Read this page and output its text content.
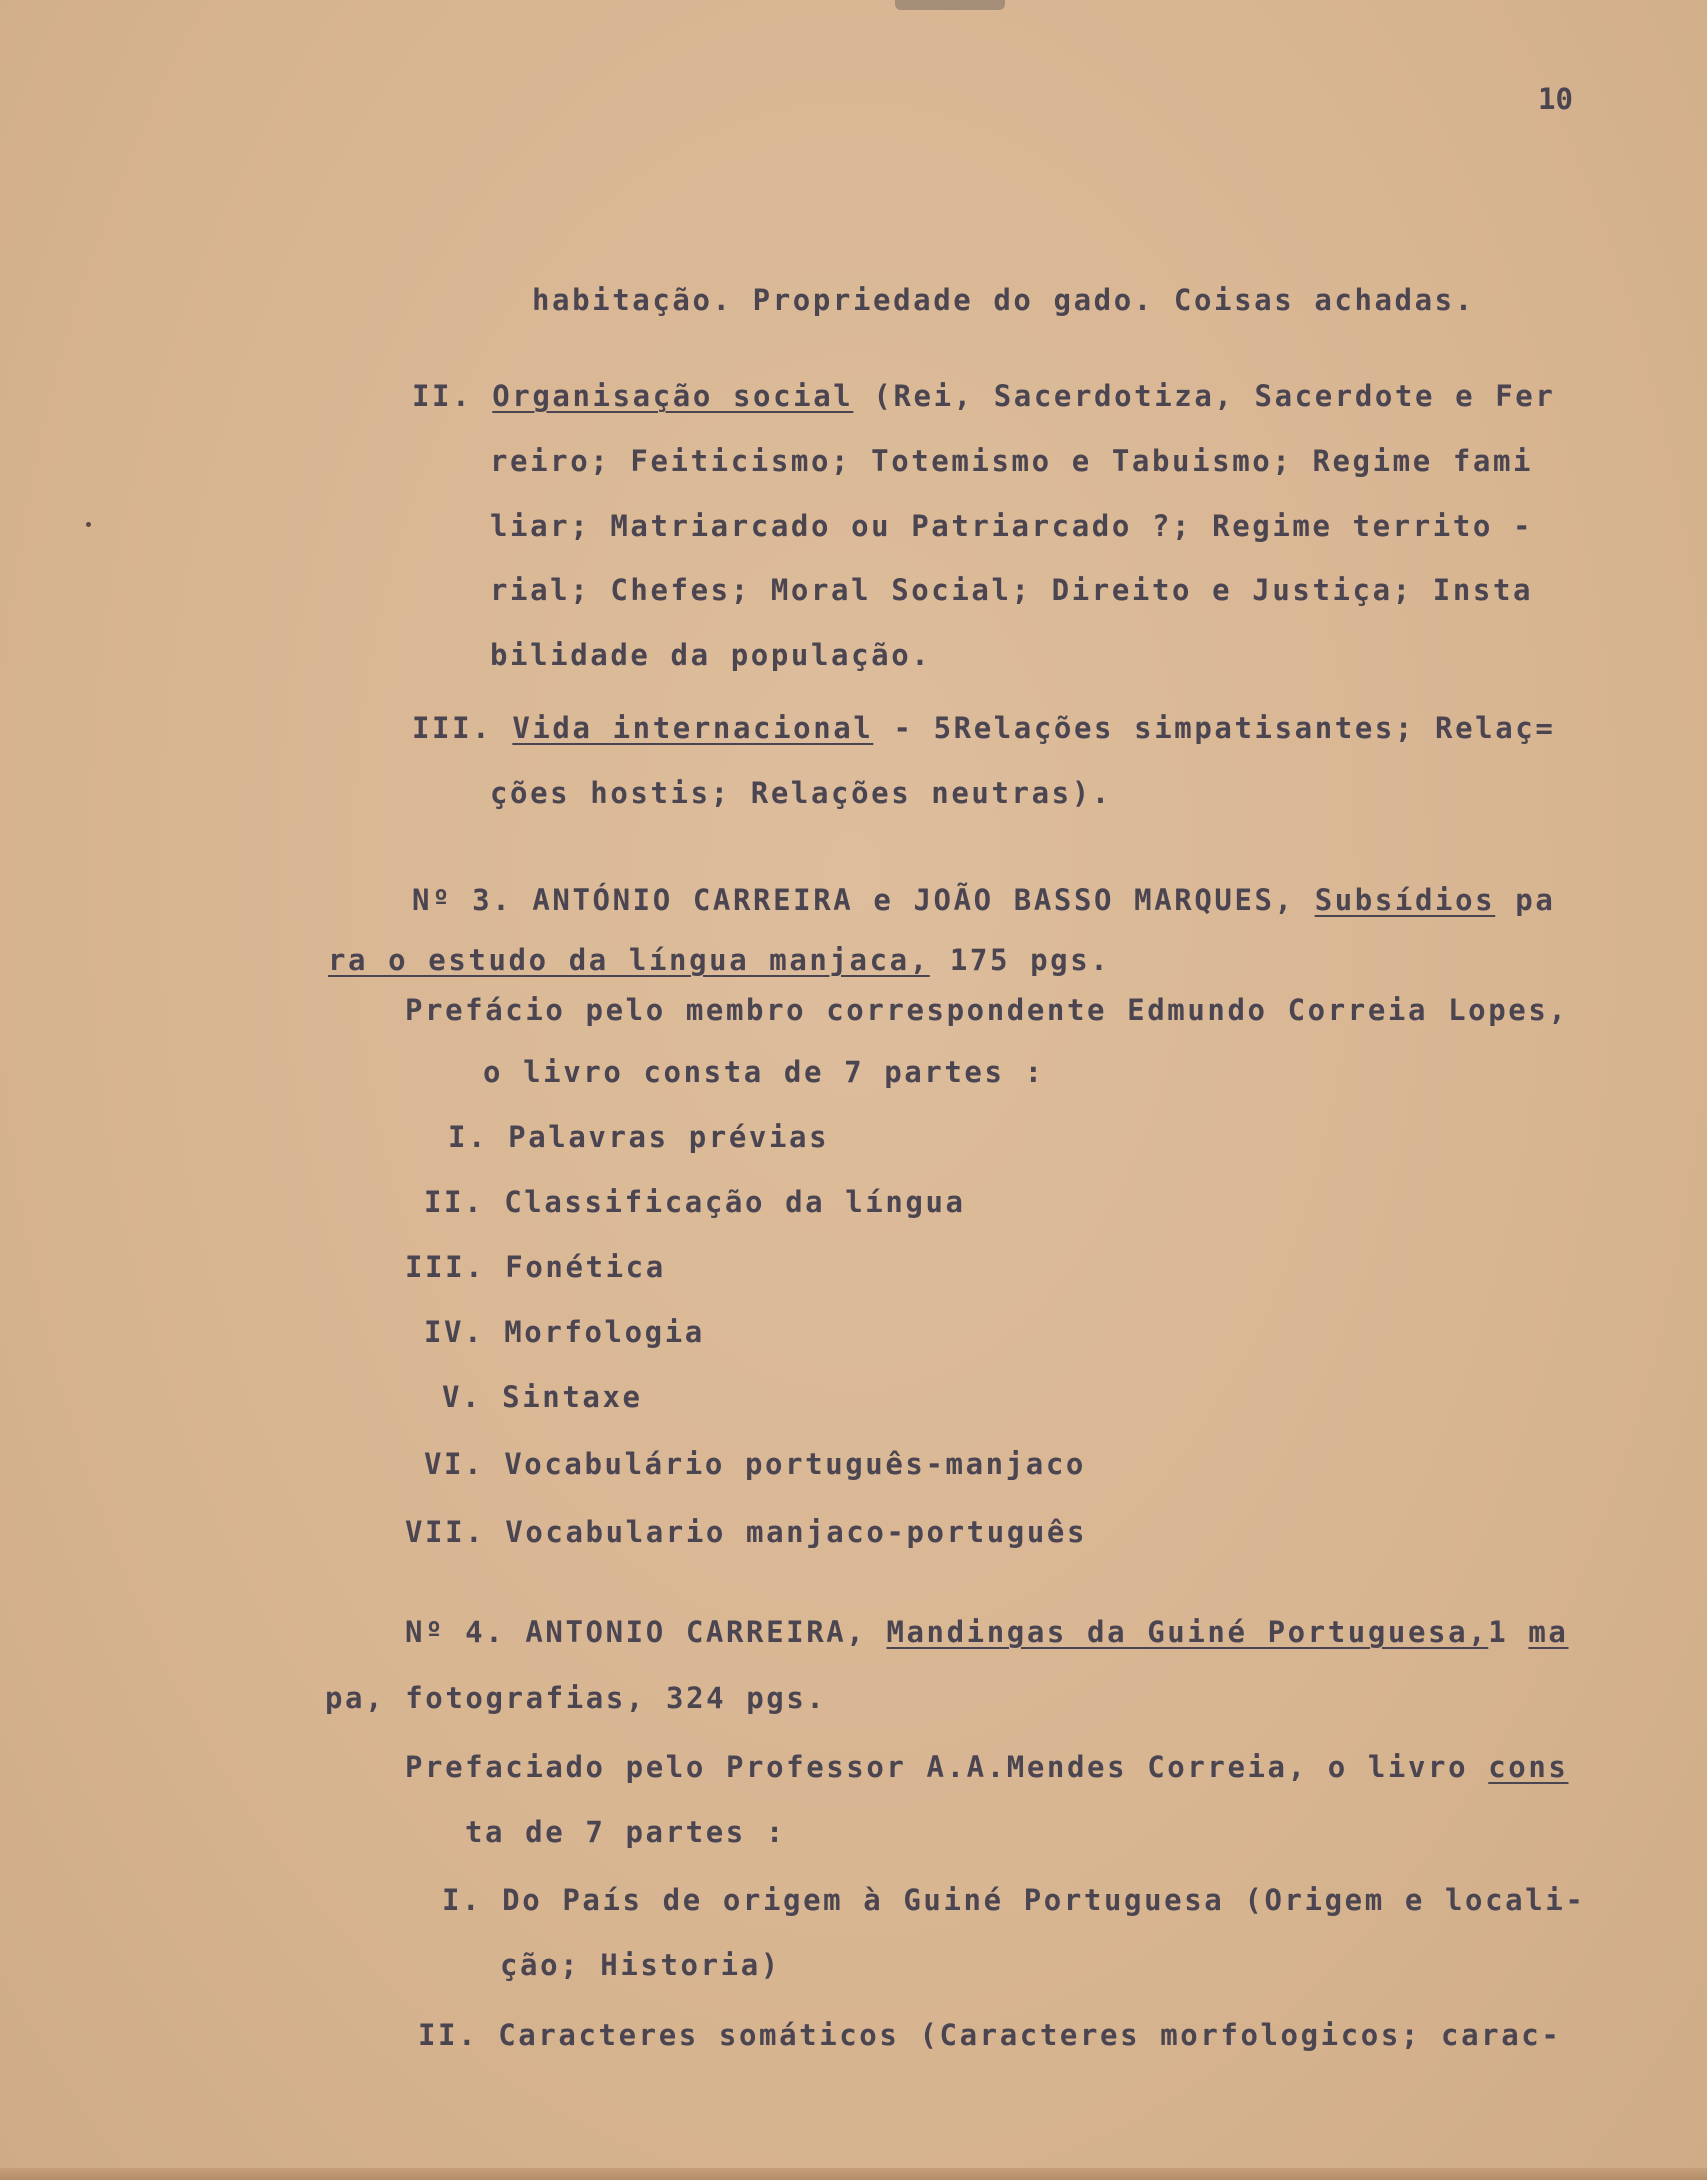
10
habitação. Propriedade do gado. Coisas achadas.
II. Organisação social (Rei, Sacerdotiza, Sacerdote e Fer
reiro; Feiticismo; Totemismo e Tabuismo; Regime fami
liar; Matriarcado ou Patriarcado ?; Regime territo -
rial; Chefes; Moral Social; Direito e Justiça; Insta
bilidade da população.
III. Vida internacional - 5Relações simpatisantes; Relaç=
ções hostis; Relações neutras).
Nº 3. ANTÓNIO CARREIRA e JOÃO BASSO MARQUES, Subsídios pa
ra o estudo da língua manjaca, 175 pgs.
Prefácio pelo membro correspondente Edmundo Correia Lopes,
o livro consta de 7 partes :
I. Palavras prévias
II. Classificação da língua
III. Fonética
IV. Morfologia
V. Sintaxe
VI. Vocabulário português-manjaco
VII. Vocabulario manjaco-português
Nº 4. ANTONIO CARREIRA, Mandingas da Guiné Portuguesa,1 ma
pa, fotografias, 324 pgs.
Prefaciado pelo Professor A.A.Mendes Correia, o livro cons
ta de 7 partes :
I. Do País de origem à Guiné Portuguesa (Origem e locali-
ção; Historia)
II. Caracteres somáticos (Caracteres morfologicos; carac-
